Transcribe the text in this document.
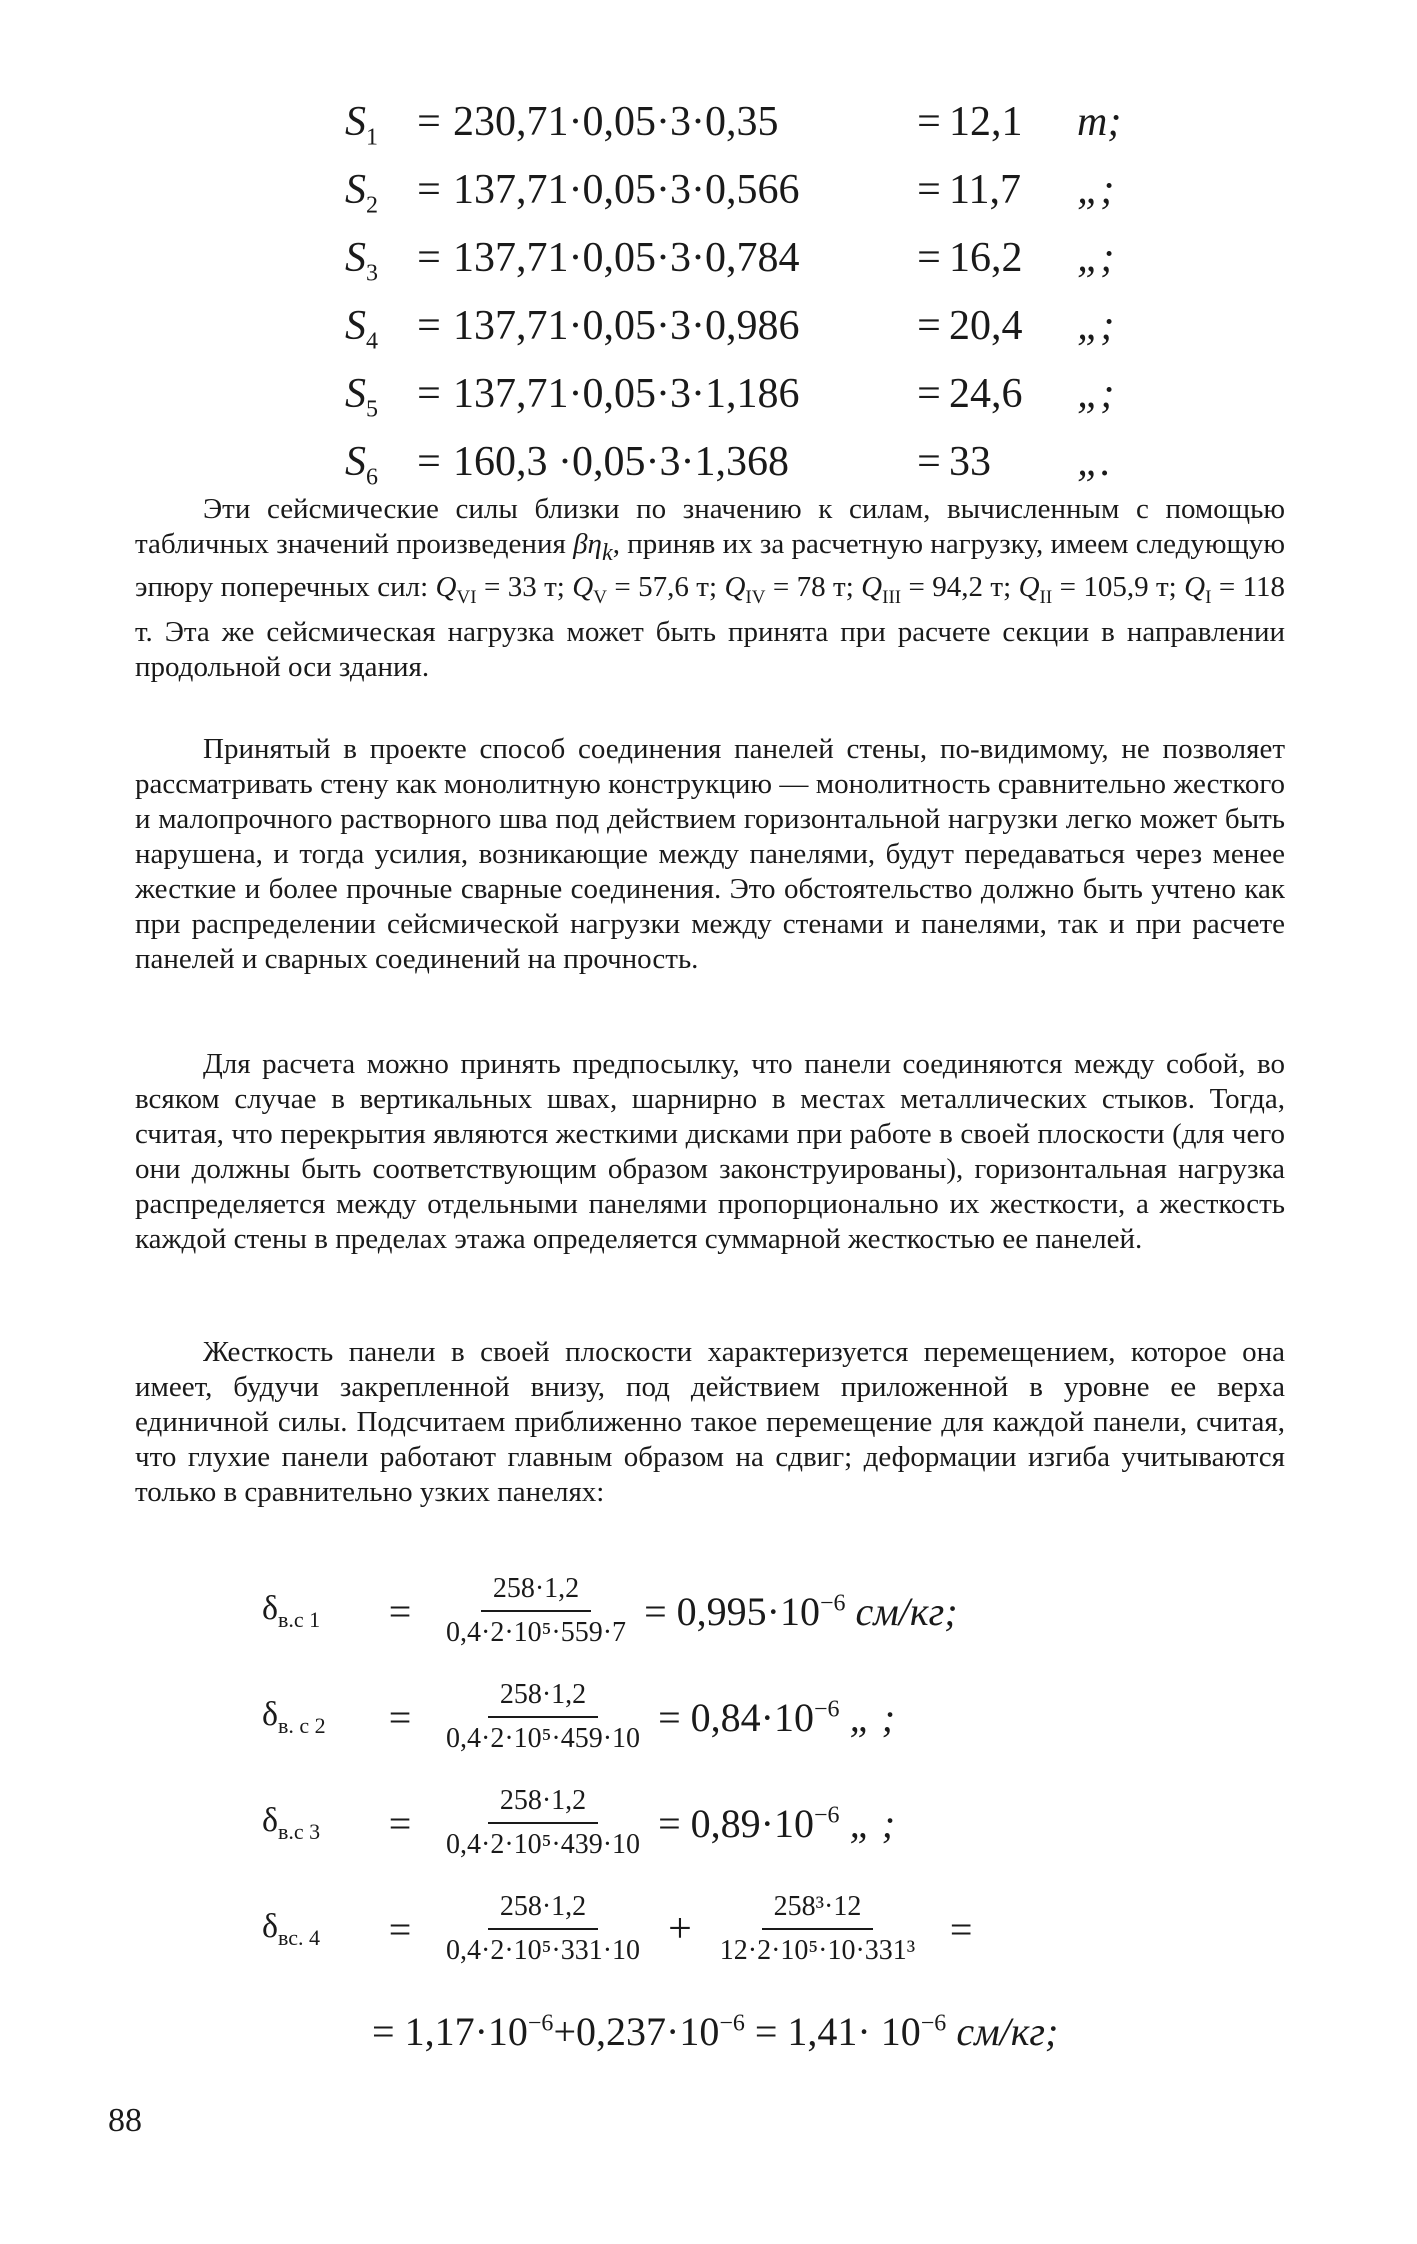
$S_1 = 230,71\cdot 0,05\cdot 3\cdot 0,35$	= 12,1	т;
$S_2 = 137,71\cdot 0,05\cdot 3\cdot 0,566$	= 11,7	„;
$S_3 = 137,71\cdot 0,05\cdot 3\cdot 0,784$	= 16,2	„;
$S_4 = 137,71\cdot 0,05\cdot 3\cdot 0,986$	= 20,4	„;
$S_5 = 137,71\cdot 0,05\cdot 3\cdot 1,186$	= 24,6	„;
$S_6 = 160,3 \cdot 0,05\cdot 3\cdot 1,368$	= 33	„.

Эти сейсмические силы близки по значению к силам, вычисленным с помощью табличных значений произведения $\beta\eta_k$, приняв их за расчетную нагрузку, имеем следующую эпюру поперечных сил: $Q_{VI} = 33$ т; $Q_V = 57,6$ т; $Q_{IV} = 78$ т; $Q_{III} = 94,2$ т; $Q_{II} = 105,9$ т; $Q_I = 118$ т. Эта же сейсмическая нагрузка может быть принята при расчете секции в направлении продольной оси здания.

Принятый в проекте способ соединения панелей стены, по-видимому, не позволяет рассматривать стену как монолитную конструкцию — монолитность сравнительно жесткого и малопрочного растворного шва под действием горизонтальной нагрузки легко может быть нарушена, и тогда усилия, возникающие между панелями, будут передаваться через менее жесткие и более прочные сварные соединения. Это обстоятельство должно быть учтено как при распределении сейсмической нагрузки между стенами и панелями, так и при расчете панелей и сварных соединений на прочность.

Для расчета можно принять предпосылку, что панели соединяются между собой, во всяком случае в вертикальных швах, шарнирно в местах металлических стыков. Тогда, считая, что перекрытия являются жесткими дисками при работе в своей плоскости (для чего они должны быть соответствующим образом законструированы), горизонтальная нагрузка распределяется между отдельными панелями пропорционально их жесткости, а жесткость каждой стены в пределах этажа определяется суммарной жесткостью ее панелей.

Жесткость панели в своей плоскости характеризуется перемещением, которое она имеет, будучи закрепленной внизу, под действием приложенной в уровне ее верха единичной силы. Подсчитаем приближенно такое перемещение для каждой панели, считая, что глухие панели работают главным образом на сдвиг; деформации изгиба учитываются только в сравнительно узких панелях:

$\delta_{в.с 1}$	= $\frac{258\cdot 1,2}{\text{0,4·2·10⁵·559·7}} = 0,995\cdot 10^{-6}$ см/кг;
$\delta_{в. с 2}$	= $\frac{258\cdot 1,2}{\text{0,4·2·10⁵·459·10}} = 0,84\cdot 10^{-6}$ „ ;
$\delta_{в.с 3}$	= $\frac{258\cdot 1,2}{\text{0,4·2·10⁵·439·10}} = 0,89\cdot 10^{-6}$ „ ;
$\delta_{вс. 4}$	= $\frac{258\cdot 1,2}{\text{0,4·2·10⁵·331·10}} + \frac{\text{258³·12}}{\text{12·2·10⁵·10·331³}}$ =
= $1,17\cdot 10^{-6}+0,237\cdot 10^{-6} = 1,41\cdot 10^{-6}$ см/кг;
88
